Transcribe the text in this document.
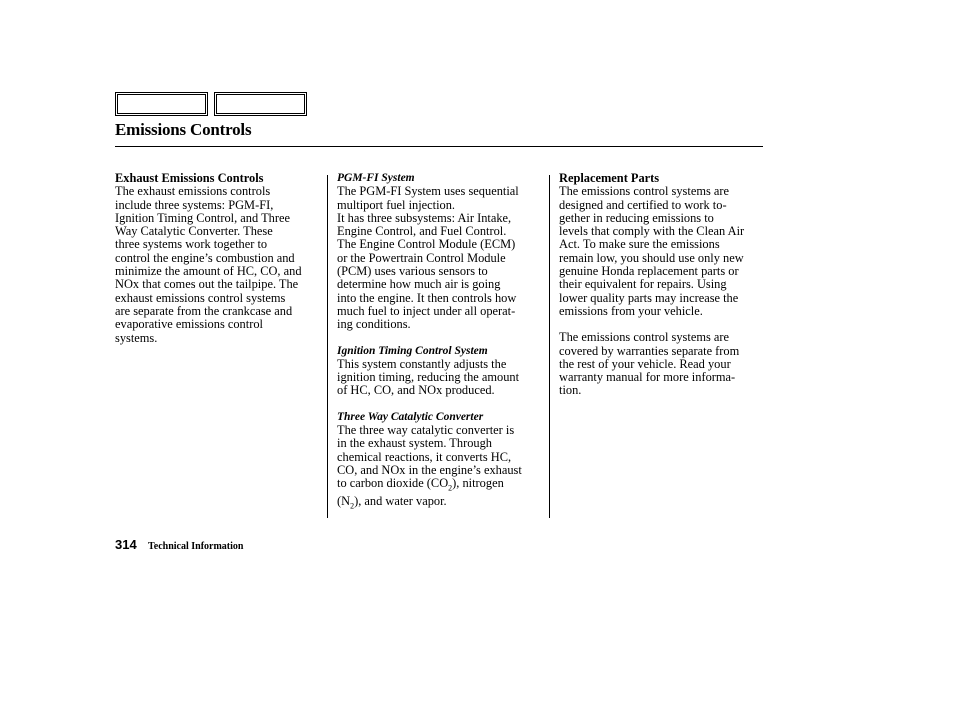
Emissions Controls
Exhaust Emissions Controls

The exhaust emissions controls
include three systems: PGM-FI,
Ignition Timing Control, and Three
Way Catalytic Converter. These
three systems work together to
control the engine’s combustion and
minimize the amount of HC, CO, and
NOx that comes out the tailpipe. The
exhaust emissions control systems
are separate from the crankcase and
evaporative emissions control
systems.

PGM-FI System

The PGM-FI System uses sequential
multiport fuel injection.

It has three subsystems: Air Intake,
Engine Control, and Fuel Control.
The Engine Control Module (ECM)
or the Powertrain Control Module
(PCM) uses various sensors to
determine how much air is going
into the engine. It then controls how
much fuel to inject under all operat-
ing conditions.

Ignition Timing Control System

This system constantly adjusts the
ignition timing, reducing the amount
of HC, CO, and NOx produced.

Three Way Catalytic Converter

The three way catalytic converter is
in the exhaust system. Through
chemical reactions, it converts HC,
CO, and NOx in the engine’s exhaust
to carbon dioxide $(CO_2)$, nitrogen
$(N_2)$, and water vapor.

Replacement Parts

The emissions control systems are
designed and certified to work to-
gether in reducing emissions to
levels that comply with the Clean Air
Act. To make sure the emissions
remain low, you should use only new
genuine Honda replacement parts or
their equivalent for repairs. Using
lower quality parts may increase the
emissions from your vehicle.

The emissions control systems are
covered by warranties separate from
the rest of your vehicle. Read your
warranty manual for more informa-
tion.

314 Technical Information
